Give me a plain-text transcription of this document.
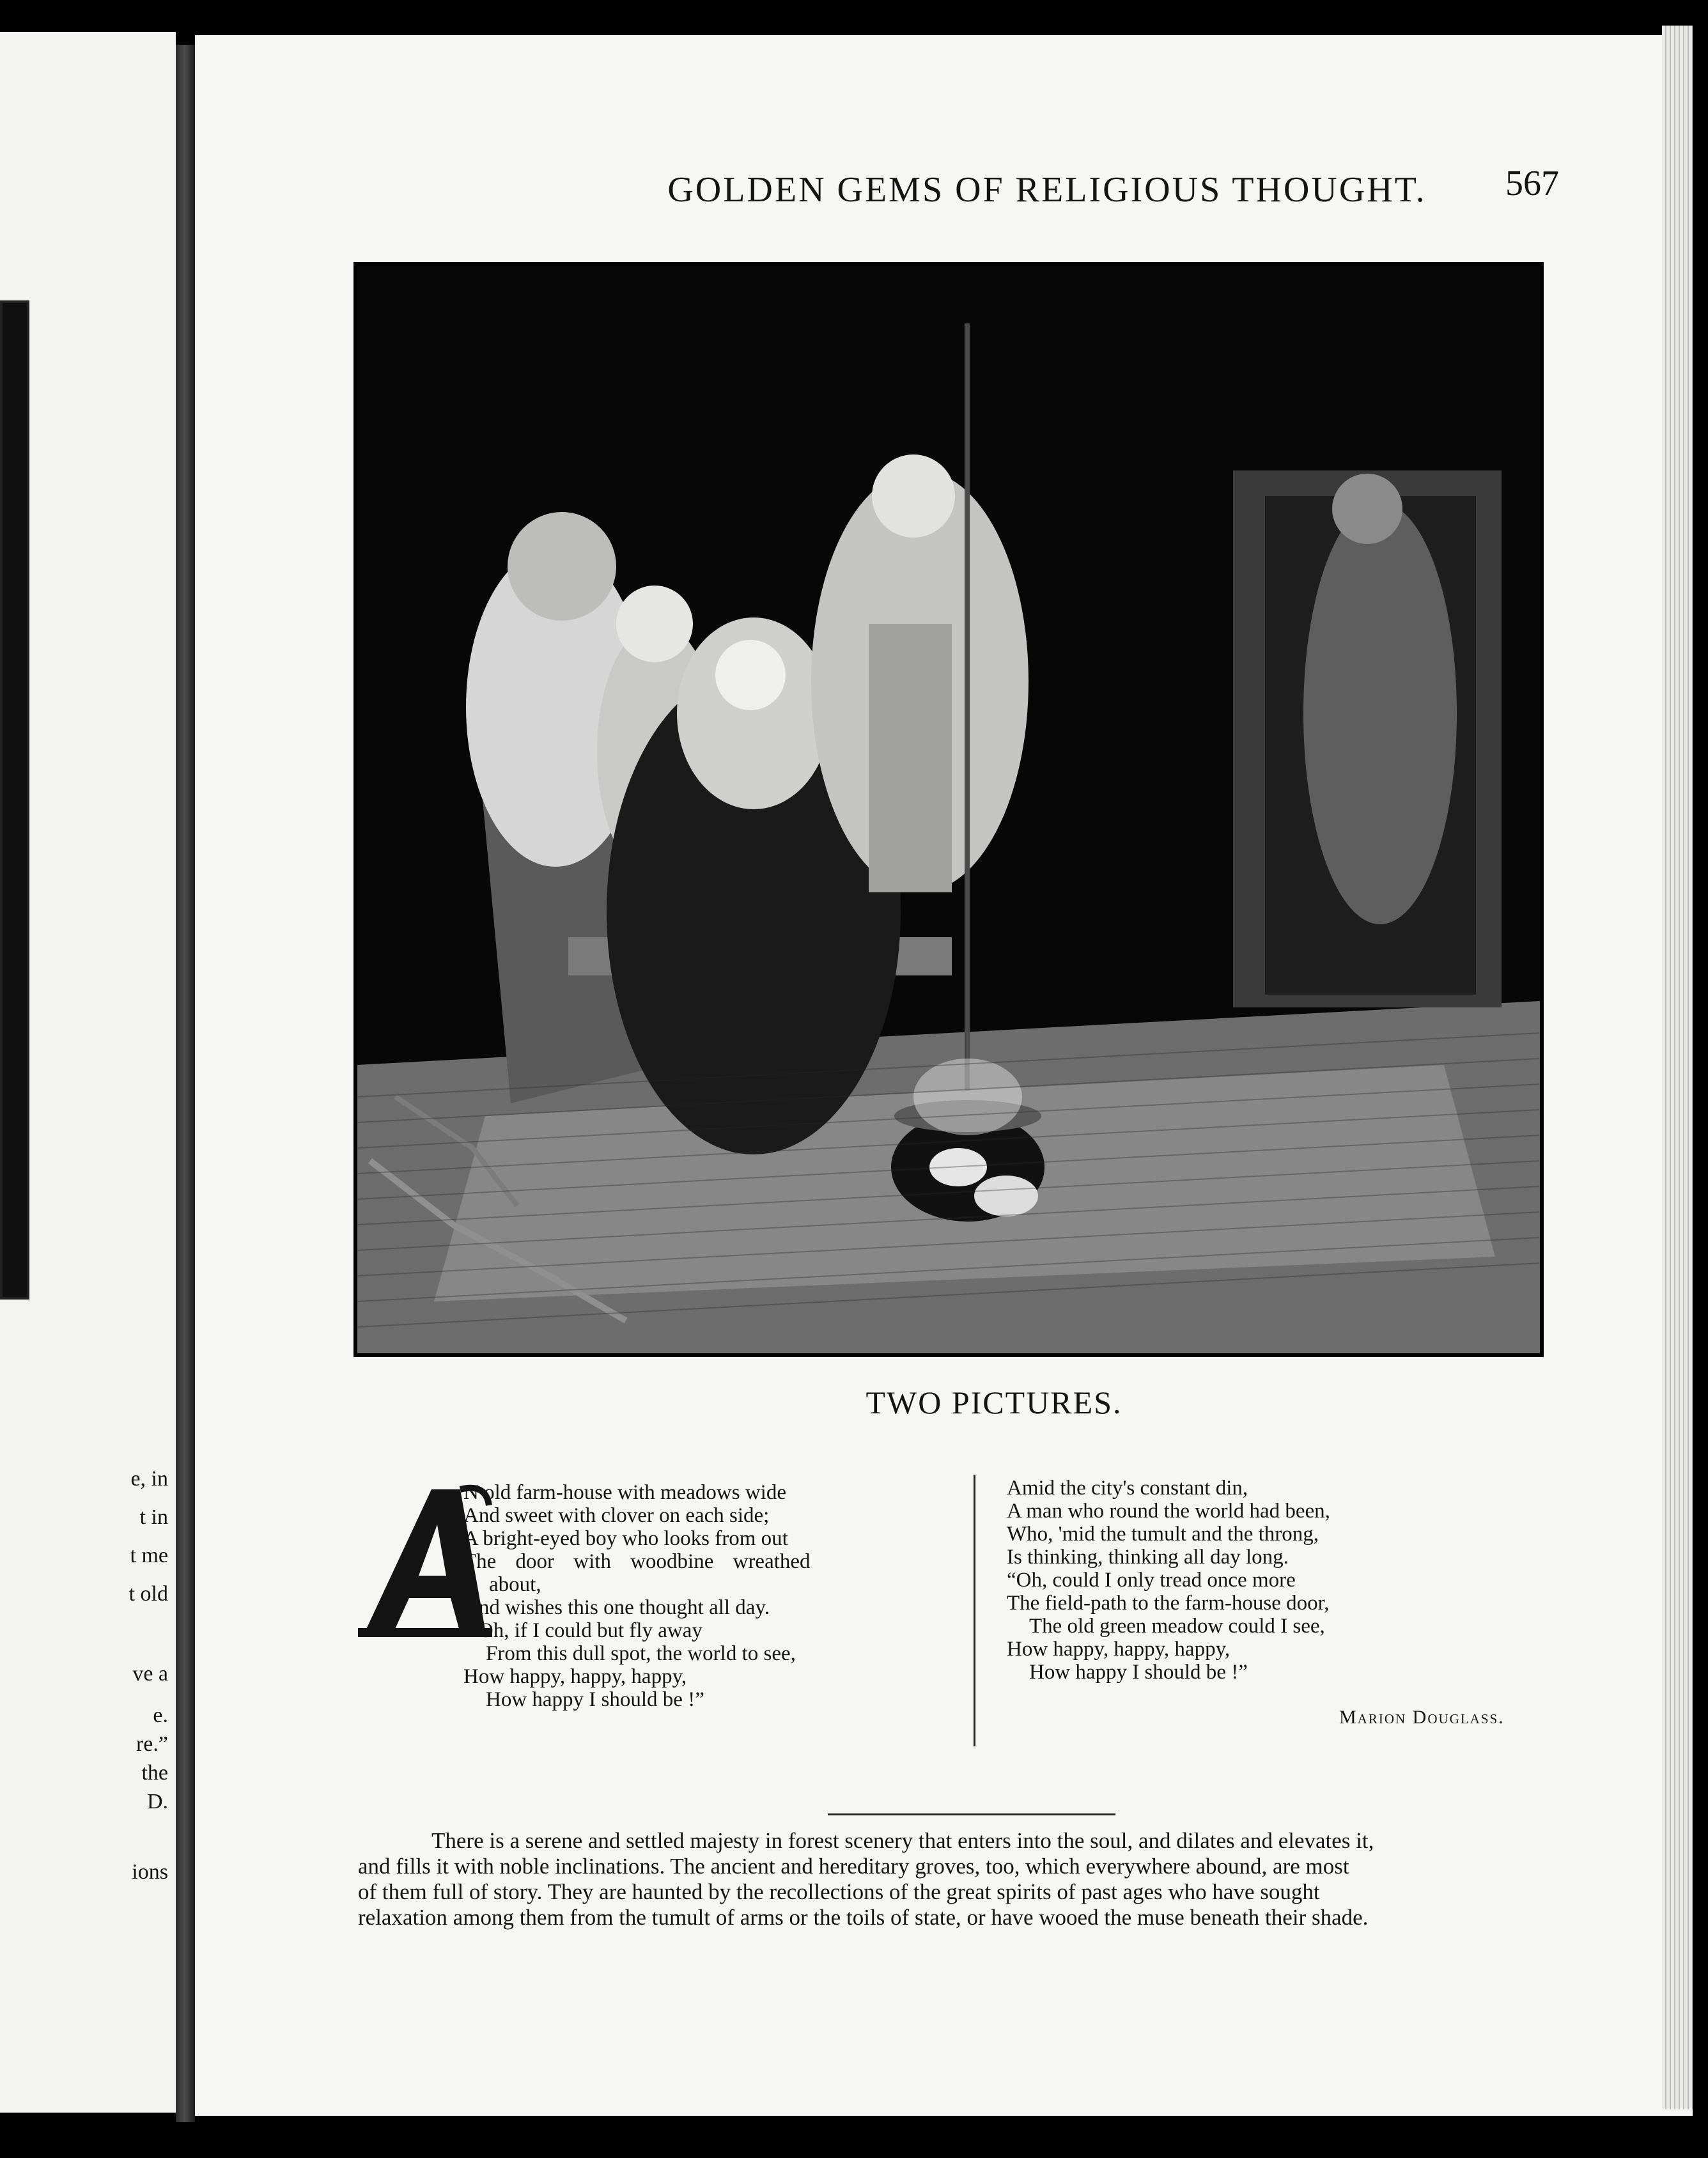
e, in
t in
t me
t old
ve a
e.
re.”
the
D.
ions
GOLDEN GEMS OF RELIGIOUS THOUGHT.	567
TWO PICTURES.
N old farm-house with meadows wide
And sweet with clover on each side;
A bright-eyed boy who looks from out
The door with woodbine wreathed
about,
And wishes this one thought all day.
“ Oh, if I could but fly away
From this dull spot, the world to see,
How happy, happy, happy,
How happy I should be !”
Amid the city's constant din,
A man who round the world had been,
Who, 'mid the tumult and the throng,
Is thinking, thinking all day long.
“Oh, could I only tread once more
The field-path to the farm-house door,
The old green meadow could I see,
How happy, happy, happy,
How happy I should be !”
Marion Douglass.
There is a serene and settled majesty in forest scenery that enters into the soul, and dilates and elevates it,
and fills it with noble inclinations. The ancient and hereditary groves, too, which everywhere abound, are most
of them full of story. They are haunted by the recollections of the great spirits of past ages who have sought
relaxation among them from the tumult of arms or the toils of state, or have wooed the muse beneath their shade.
